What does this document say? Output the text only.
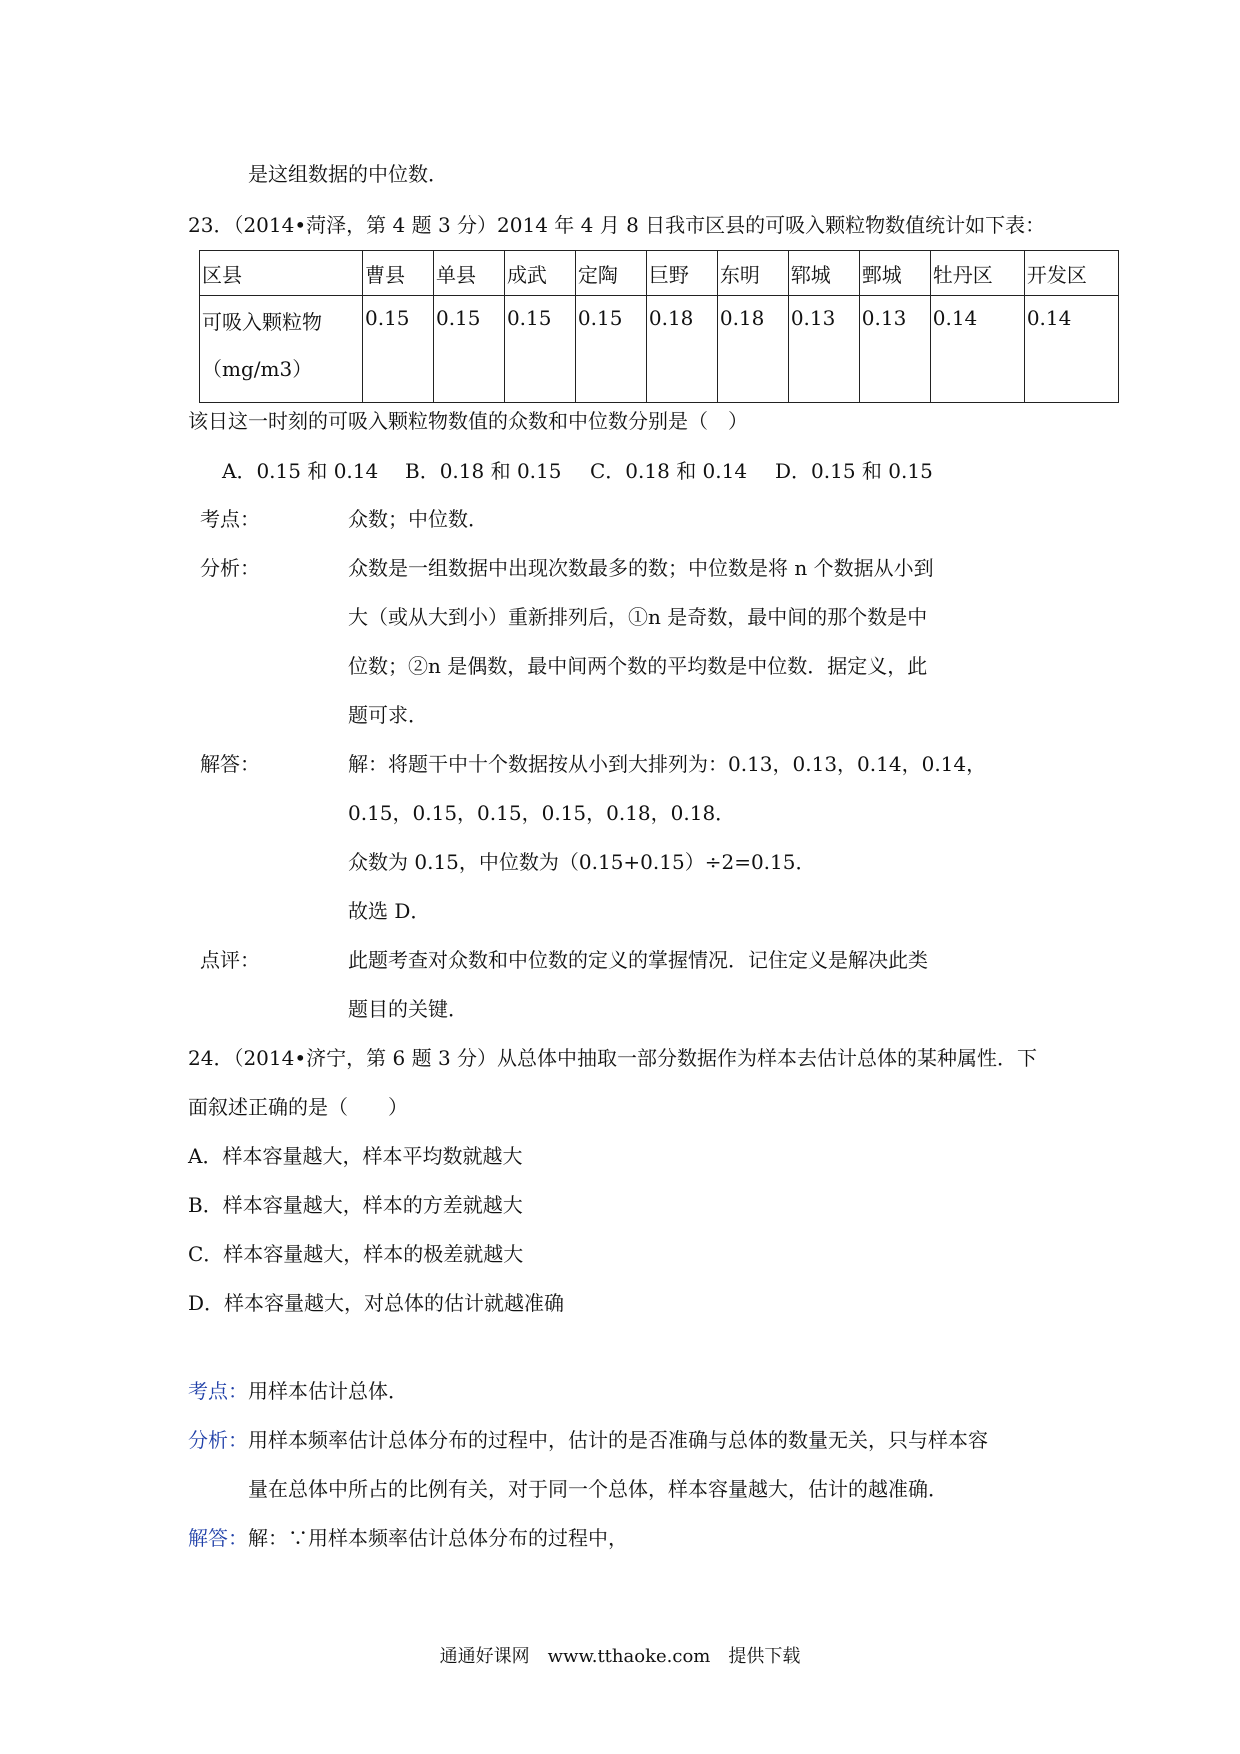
是这组数据的中位数．
23．（2014•菏泽，第 4 题 3 分）2014 年 4 月 8 日我市区县的可吸入颗粒物数值统计如下表：
区县	曹县	单县	成武	定陶	巨野	东明	郓城	鄄城	牡丹区	开发区
可吸入颗粒物
（mg/m3）	0.15	0.15	0.15	0.15	0.18	0.18	0.13	0.13	0.14	0.14
该日这一时刻的可吸入颗粒物数值的众数和中位数分别是（　）
A．0.15 和 0.14 B．0.18 和 0.15 C．0.18 和 0.14 D．0.15 和 0.15
考点：	众数；中位数．
分析：	众数是一组数据中出现次数最多的数；中位数是将 n 个数据从小到
大（或从大到小）重新排列后，①n 是奇数，最中间的那个数是中
位数；②n 是偶数，最中间两个数的平均数是中位数．据定义，此
题可求．
解答：	解：将题干中十个数据按从小到大排列为：0.13，0.13，0.14，0.14，
0.15，0.15，0.15，0.15，0.18，0.18．
众数为 0.15，中位数为（0.15+0.15）÷2=0.15．
故选 D．
点评：	此题考查对众数和中位数的定义的掌握情况．记住定义是解决此类
题目的关键．
24．（2014•济宁，第 6 题 3 分）从总体中抽取一部分数据作为样本去估计总体的某种属性．下
面叙述正确的是（　　）
A．样本容量越大，样本平均数就越大
B．样本容量越大，样本的方差就越大
C．样本容量越大，样本的极差就越大
D．样本容量越大，对总体的估计就越准确
考点：用样本估计总体．
分析：用样本频率估计总体分布的过程中，估计的是否准确与总体的数量无关，只与样本容
量在总体中所占的比例有关，对于同一个总体，样本容量越大，估计的越准确．
解答：解：∵用样本频率估计总体分布的过程中，
通通好课网　www.tthaoke.com　提供下载
